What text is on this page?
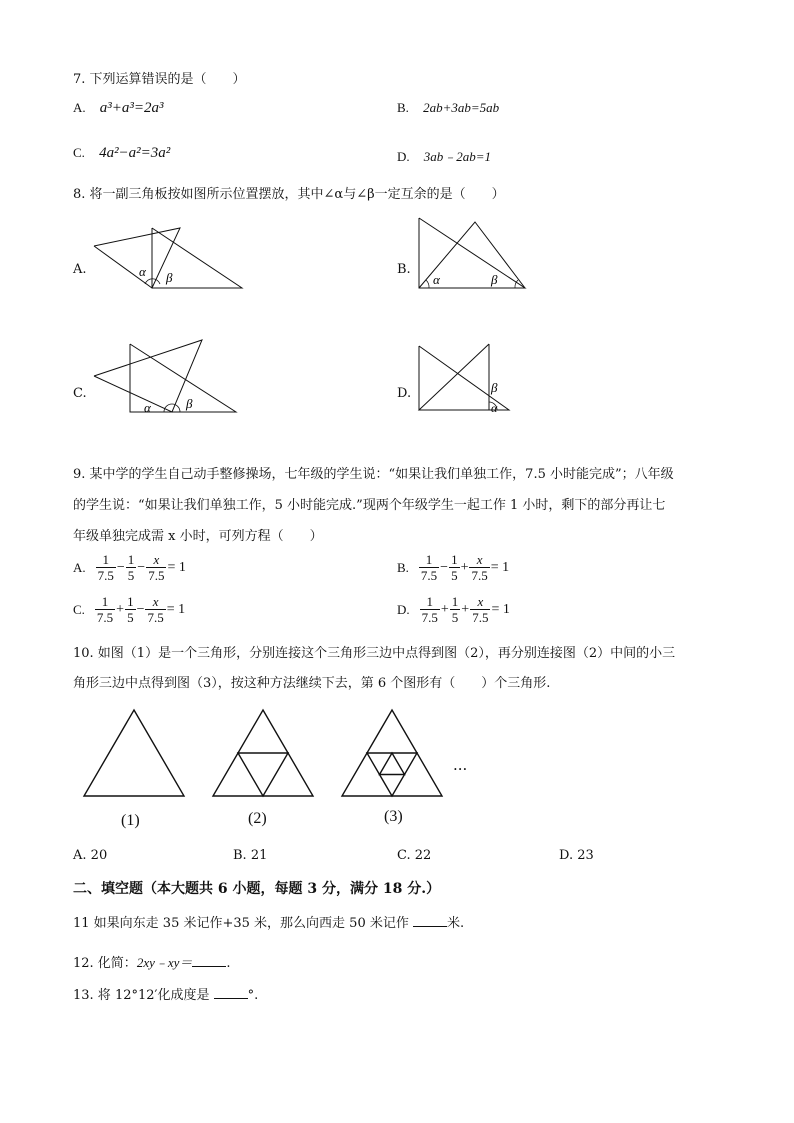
7. 下列运算错误的是（　　）
A. a³+a³=2a³	B. 2ab+3ab=5ab
C. 4a²−a²=3a²	D. 3ab﹣2ab=1
8. 将一副三角板按如图所示位置摆放，其中∠α与∠β一定互余的是（　　）
A.	α β
B.
α	β
C.
α	β
D.	β
α
9. 某中学的学生自己动手整修操场，七年级的学生说：“如果让我们单独工作，7.5 小时能完成”；八年级
的学生说：“如果让我们单独工作，5 小时能完成.”现两个年级学生一起工作 1 小时，剩下的部分再让七
年级单独完成需 x 小时，可列方程（　　）
A. $\frac{1}{7.5} - \frac{1}{5} - \frac{x}{7.5} = 1$	B. $\frac{1}{7.5} - \frac{1}{5} + \frac{x}{7.5} = 1$
C. $\frac{1}{7.5} + \frac{1}{5} - \frac{x}{7.5} = 1$	D. $\frac{1}{7.5} + \frac{1}{5} + \frac{x}{7.5} = 1$
10. 如图（1）是一个三角形，分别连接这个三角形三边中点得到图（2），再分别连接图（2）中间的小三
角形三边中点得到图（3），按这种方法继续下去，第 6 个图形有（　　）个三角形.
···
(1)	(2)	(3)
A. 20	B. 21	C. 22	D. 23
二、填空题（本大题共 6 小题，每题 3 分，满分 18 分.）
11 如果向东走 35 米记作+35 米，那么向西走 50 米记作	米.
12. 化简：2xy﹣xy＝	.
13. 将 12°12′化成度是	°.
